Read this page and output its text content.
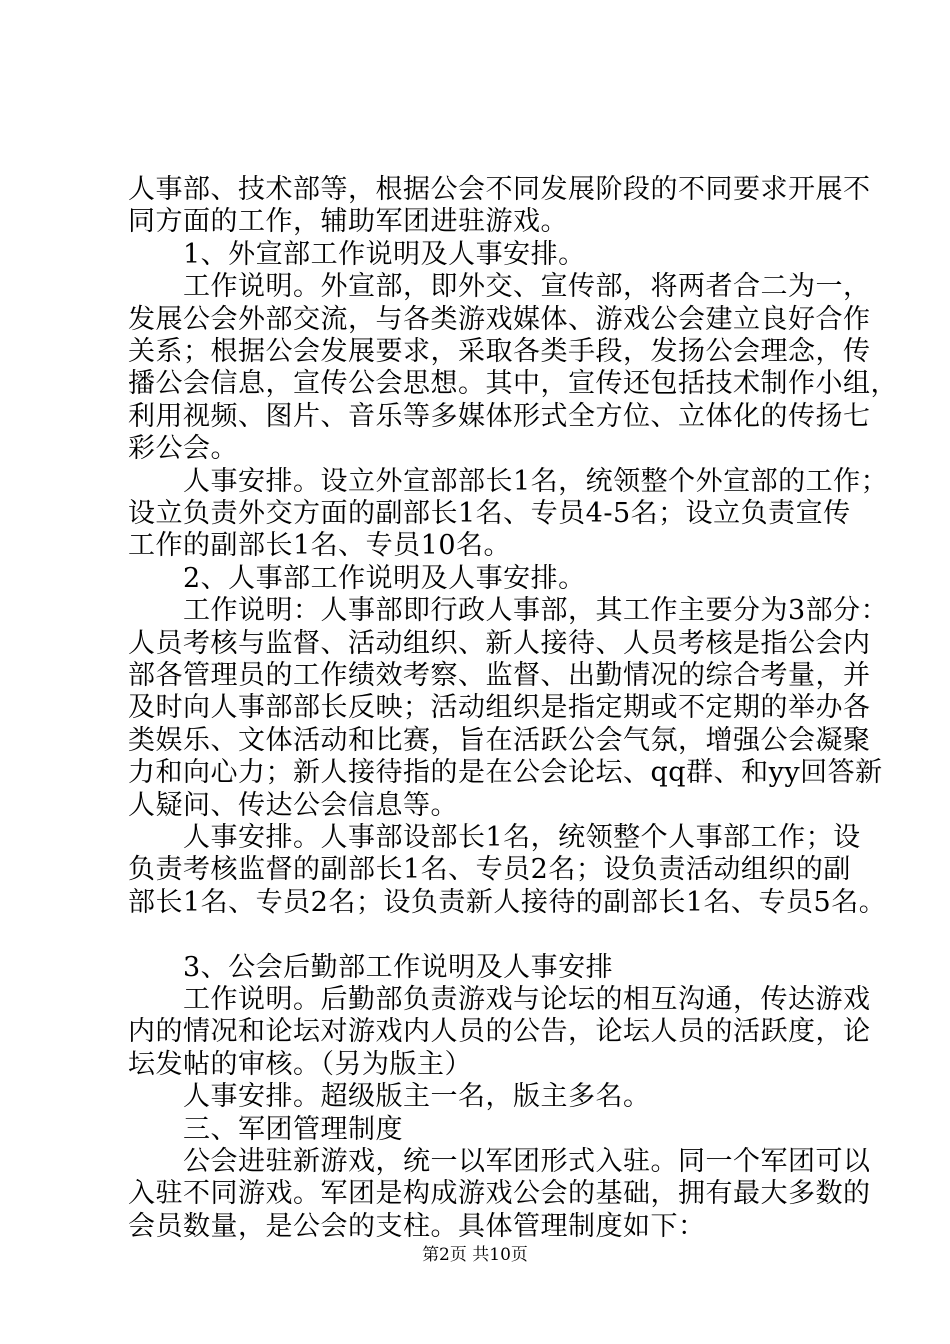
人事部、技术部等，根据公会不同发展阶段的不同要求开展不
同方面的工作，辅助军团进驻游戏。
　　1、外宣部工作说明及人事安排。
　　工作说明。外宣部，即外交、宣传部，将两者合二为一，
发展公会外部交流，与各类游戏媒体、游戏公会建立良好合作
关系；根据公会发展要求，采取各类手段，发扬公会理念，传
播公会信息，宣传公会思想。其中，宣传还包括技术制作小组，
利用视频、图片、音乐等多媒体形式全方位、立体化的传扬七
彩公会。
　　人事安排。设立外宣部部长1名，统领整个外宣部的工作；
设立负责外交方面的副部长1名、专员4-5名；设立负责宣传
工作的副部长1名、专员10名。
　　2、人事部工作说明及人事安排。
　　工作说明：人事部即行政人事部，其工作主要分为3部分：
人员考核与监督、活动组织、新人接待、人员考核是指公会内
部各管理员的工作绩效考察、监督、出勤情况的综合考量，并
及时向人事部部长反映；活动组织是指定期或不定期的举办各
类娱乐、文体活动和比赛，旨在活跃公会气氛，增强公会凝聚
力和向心力；新人接待指的是在公会论坛、qq群、和yy回答新
人疑问、传达公会信息等。
　　人事安排。人事部设部长1名，统领整个人事部工作；设
负责考核监督的副部长1名、专员2名；设负责活动组织的副
部长1名、专员2名；设负责新人接待的副部长1名、专员5名。
　　3、公会后勤部工作说明及人事安排
　　工作说明。后勤部负责游戏与论坛的相互沟通，传达游戏
内的情况和论坛对游戏内人员的公告，论坛人员的活跃度，论
坛发帖的审核。（另为版主）
　　人事安排。超级版主一名，版主多名。
　　三、军团管理制度
　　公会进驻新游戏，统一以军团形式入驻。同一个军团可以
入驻不同游戏。军团是构成游戏公会的基础，拥有最大多数的
会员数量，是公会的支柱。具体管理制度如下：
第2页 共10页
